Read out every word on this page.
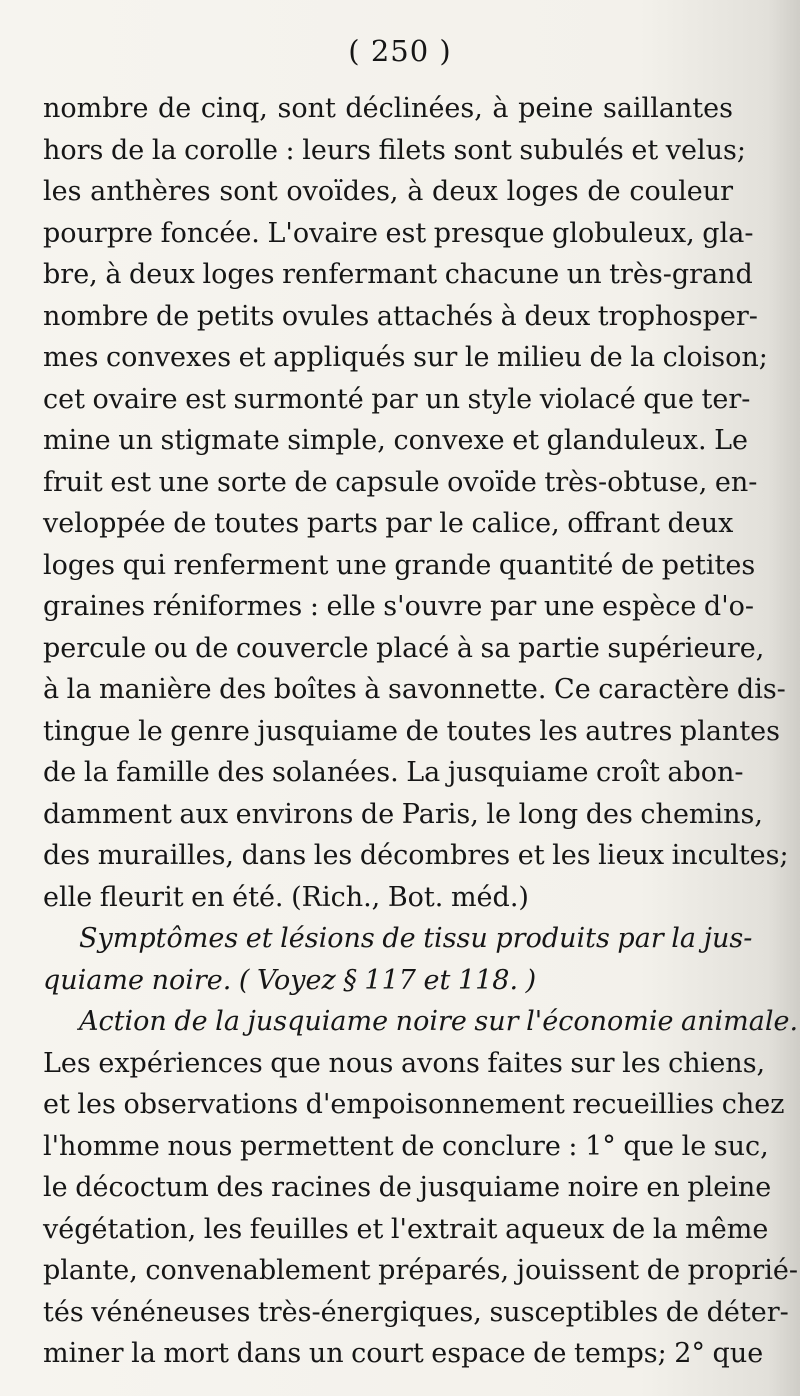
( 250 )
nombre de cinq, sont déclinées, à peine saillantes
hors de la corolle : leurs filets sont subulés et velus;
les anthères sont ovoïdes, à deux loges de couleur
pourpre foncée. L'ovaire est presque globuleux, gla-
bre, à deux loges renfermant chacune un très-grand
nombre de petits ovules attachés à deux trophosper-
mes convexes et appliqués sur le milieu de la cloison;
cet ovaire est surmonté par un style violacé que ter-
mine un stigmate simple, convexe et glanduleux. Le
fruit est une sorte de capsule ovoïde très-obtuse, en-
veloppée de toutes parts par le calice, offrant deux
loges qui renferment une grande quantité de petites
graines réniformes : elle s'ouvre par une espèce d'o-
percule ou de couvercle placé à sa partie supérieure,
à la manière des boîtes à savonnette. Ce caractère dis-
tingue le genre jusquiame de toutes les autres plantes
de la famille des solanées. La jusquiame croît abon-
damment aux environs de Paris, le long des chemins,
des murailles, dans les décombres et les lieux incultes;
elle fleurit en été. (Rich., Bot. méd.)
Symptômes et lésions de tissu produits par la jus-
quiame noire. ( Voyez § 117 et 118. )
Action de la jusquiame noire sur l'économie animale.
Les expériences que nous avons faites sur les chiens,
et les observations d'empoisonnement recueillies chez
l'homme nous permettent de conclure : 1° que le suc,
le décoctum des racines de jusquiame noire en pleine
végétation, les feuilles et l'extrait aqueux de la même
plante, convenablement préparés, jouissent de proprié-
tés vénéneuses très-énergiques, susceptibles de déter-
miner la mort dans un court espace de temps; 2° que
